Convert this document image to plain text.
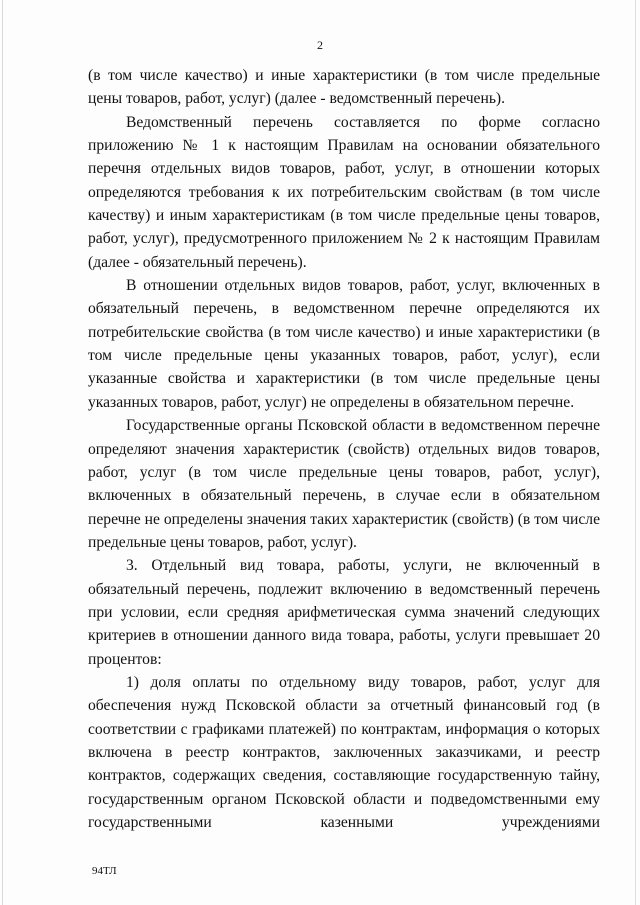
2

(в том числе качество) и иные характеристики (в том числе предельные цены товаров, работ, услуг) (далее - ведомственный перечень).

Ведомственный перечень составляется по форме согласно приложению № 1 к настоящим Правилам на основании обязательного перечня отдельных видов товаров, работ, услуг, в отношении которых определяются требования к их потребительским свойствам (в том числе качеству) и иным характеристикам (в том числе предельные цены товаров, работ, услуг), предусмотренного приложением № 2 к настоящим Правилам (далее - обязательный перечень).

В отношении отдельных видов товаров, работ, услуг, включенных в обязательный перечень, в ведомственном перечне определяются их потребительские свойства (в том числе качество) и иные характеристики (в том числе предельные цены указанных товаров, работ, услуг), если указанные свойства и характеристики (в том числе предельные цены указанных товаров, работ, услуг) не определены в обязательном перечне.

Государственные органы Псковской области в ведомственном перечне определяют значения характеристик (свойств) отдельных видов товаров, работ, услуг (в том числе предельные цены товаров, работ, услуг), включенных в обязательный перечень, в случае если в обязательном перечне не определены значения таких характеристик (свойств) (в том числе предельные цены товаров, работ, услуг).

3. Отдельный вид товара, работы, услуги, не включенный в обязательный перечень, подлежит включению в ведомственный перечень при условии, если средняя арифметическая сумма значений следующих критериев в отношении данного вида товара, работы, услуги превышает 20 процентов:

1) доля оплаты по отдельному виду товаров, работ, услуг для обеспечения нужд Псковской области за отчетный финансовый год (в соответствии с графиками платежей) по контрактам, информация о которых включена в реестр контрактов, заключенных заказчиками, и реестр контрактов, содержащих сведения, составляющие государственную тайну, государственным органом Псковской области и подведомственными ему государственными казенными учреждениями

94ТЛ
